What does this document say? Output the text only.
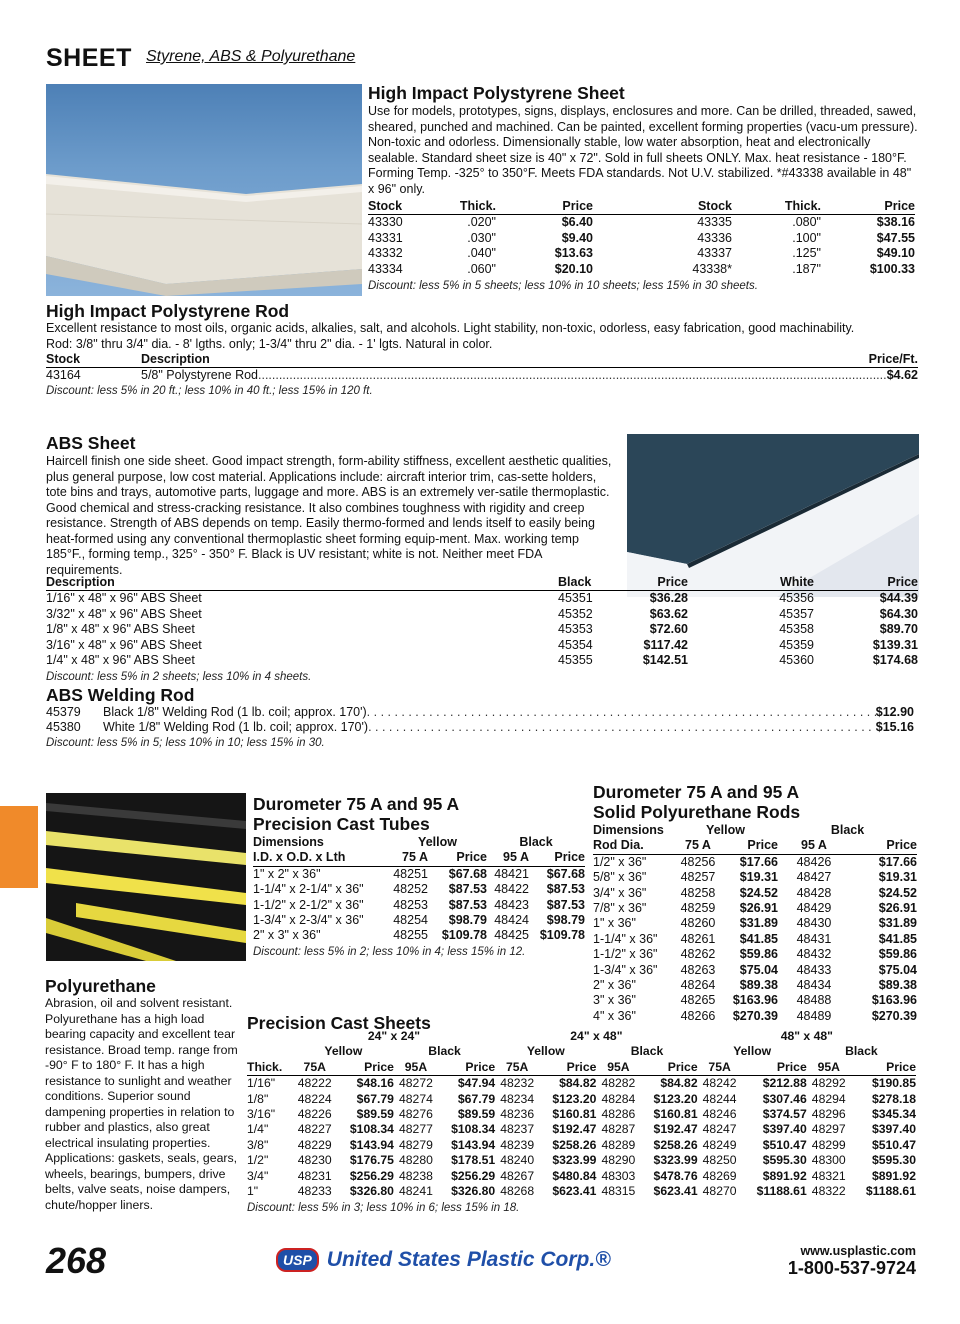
SHEET Styrene, ABS & Polyurethane
High Impact Polystyrene Sheet

Use for models, prototypes, signs, displays, enclosures and more. Can be drilled, threaded, sawed, sheared, punched and machined. Can be painted, excellent forming properties (vacu-um pressure). Non-toxic and odorless. Dimensionally stable, low water absorption, heat and electronically sealable. Standard sheet size is 40" x 72". Sold in full sheets ONLY. Max. heat resistance - 180°F. Forming Temp. -325° to 350°F. Meets FDA standards. Not U.V. stabilized. *#43338 available in 48" x 96" only.

Stock	Thick.	Price	Stock	Thick.	Price
43330	.020"	$6.40	43335	.080"	$38.16
43331	.030"	$9.40	43336	.100"	$47.55
43332	.040"	$13.63	43337	.125"	$49.10
43334	.060"	$20.10	43338*	.187"	$100.33
Discount: less 5% in 5 sheets; less 10% in 10 sheets; less 15% in 30 sheets.
High Impact Polystyrene Rod

Excellent resistance to most oils, organic acids, alkalies, salt, and alcohols. Light stability, non-toxic, odorless, easy fabrication, good machinability.

Rod: 3/8" thru 3/4" dia. - 8' lgths. only; 1-3/4" thru 2" dia. - 1' lgts. Natural in color.

Stock	Description	Price/Ft.
43164	5/8" Polystyrene Rod .....	$4.62
Discount: less 5% in 20 ft.; less 10% in 40 ft.; less 15% in 120 ft.
ABS Sheet

Haircell finish one side sheet. Good impact strength, form-ability stiffness, excellent aesthetic qualities, plus general purpose, low cost material. Applications include: aircraft interior trim, cas-sette holders, tote bins and trays, automotive parts, luggage and more. ABS is an extremely ver-satile thermoplastic. Good chemical and stress-cracking resistance. It also combines toughness with rigidity and creep resistance. Strength of ABS depends on temp. Easily thermo-formed and lends itself to easily being heat-formed using any conventional thermoplastic sheet forming equip-ment. Max. working temp 185°F., forming temp., 325° - 350° F. Black is UV resistant; white is not. Neither meet FDA requirements.

Description	Black	Price	White	Price
1/16" x 48" x 96" ABS Sheet	45351	$36.28	45356	$44.39
3/32" x 48" x 96" ABS Sheet	45352	$63.62	45357	$64.30
1/8" x 48" x 96" ABS Sheet	45353	$72.60	45358	$89.70
3/16" x 48" x 96" ABS Sheet	45354	$117.42	45359	$139.31
1/4" x 48" x 96" ABS Sheet	45355	$142.51	45360	$174.68
Discount: less 5% in 2 sheets; less 10% in 4 sheets.
ABS Welding Rod
45379	Black 1/8" Welding Rod (1 lb. coil; approx. 170') . . .	$12.90
45380	White 1/8" Welding Rod (1 lb. coil; approx. 170') . . .	$15.16
Discount: less 5% in 5; less 10% in 10; less 15% in 30.
Durometer 75 A and 95 A
Precision Cast Tubes
Dimensions	Yellow		Black	
I.D. x O.D. x Lth	75 A	Price	95 A	Price
1" x 2" x 36"	48251	$67.68	48421	$67.68
1-1/4" x 2-1/4" x 36"	48252	$87.53	48422	$87.53
1-1/2" x 2-1/2" x 36"	48253	$87.53	48423	$87.53
1-3/4" x 2-3/4" x 36"	48254	$98.79	48424	$98.79
2" x 3" x 36"	48255	$109.78	48425	$109.78
Discount: less 5% in 2; less 10% in 4; less 15% in 12.
Durometer 75 A and 95 A
Solid Polyurethane Rods
Dimensions	Yellow		Black	
Rod Dia.	75 A	Price	95 A	Price
1/2" x 36"	48256	$17.66	48426	$17.66
5/8" x 36"	48257	$19.31	48427	$19.31
3/4" x 36"	48258	$24.52	48428	$24.52
7/8" x 36"	48259	$26.91	48429	$26.91
1" x 36"	48260	$31.89	48430	$31.89
1-1/4" x 36"	48261	$41.85	48431	$41.85
1-1/2" x 36"	48262	$59.86	48432	$59.86
1-3/4" x 36"	48263	$75.04	48433	$75.04
2" x 36"	48264	$89.38	48434	$89.38
3" x 36"	48265	$163.96	48488	$163.96
4" x 36"	48266	$270.39	48489	$270.39
Polyurethane

Abrasion, oil and solvent resistant. Polyurethane has a high load bearing capacity and excellent tear resistance. Broad temp. range from -90° F to 180° F. It has a high resistance to sunlight and weather conditions. Superior sound dampening properties in relation to rubber and plastics, also great electrical insulating properties. Applications: gaskets, seals, gears, wheels, bearings, bumpers, drive belts, valve seats, noise dampers, chute/hopper liners.

Precision Cast Sheets
	24" x 24"				24" x 48"				48" x 48"			
	Yellow		Black		Yellow		Black		Yellow		Black	
Thick.	75A	Price	95A	Price	75A	Price	95A	Price	75A	Price	95A	Price
1/16"	48222	$48.16	48272	$47.94	48232	$84.82	48282	$84.82	48242	$212.88	48292	$190.85
1/8"	48224	$67.79	48274	$67.79	48234	$123.20	48284	$123.20	48244	$307.46	48294	$278.18
3/16"	48226	$89.59	48276	$89.59	48236	$160.81	48286	$160.81	48246	$374.57	48296	$345.34
1/4"	48227	$108.34	48277	$108.34	48237	$192.47	48287	$192.47	48247	$397.40	48297	$397.40
3/8"	48229	$143.94	48279	$143.94	48239	$258.26	48289	$258.26	48249	$510.47	48299	$510.47
1/2"	48230	$176.75	48280	$178.51	48240	$323.99	48290	$323.99	48250	$595.30	48300	$595.30
3/4"	48231	$256.29	48238	$256.29	48267	$480.84	48303	$478.76	48269	$891.92	48321	$891.92
1"	48233	$326.80	48241	$326.80	48268	$623.41	48315	$623.41	48270	$1188.61	48322	$1188.61
Discount: less 5% in 3; less 10% in 6; less 15% in 18.
268	USP United States Plastic Corp.®	www.usplastic.com
1-800-537-9724
